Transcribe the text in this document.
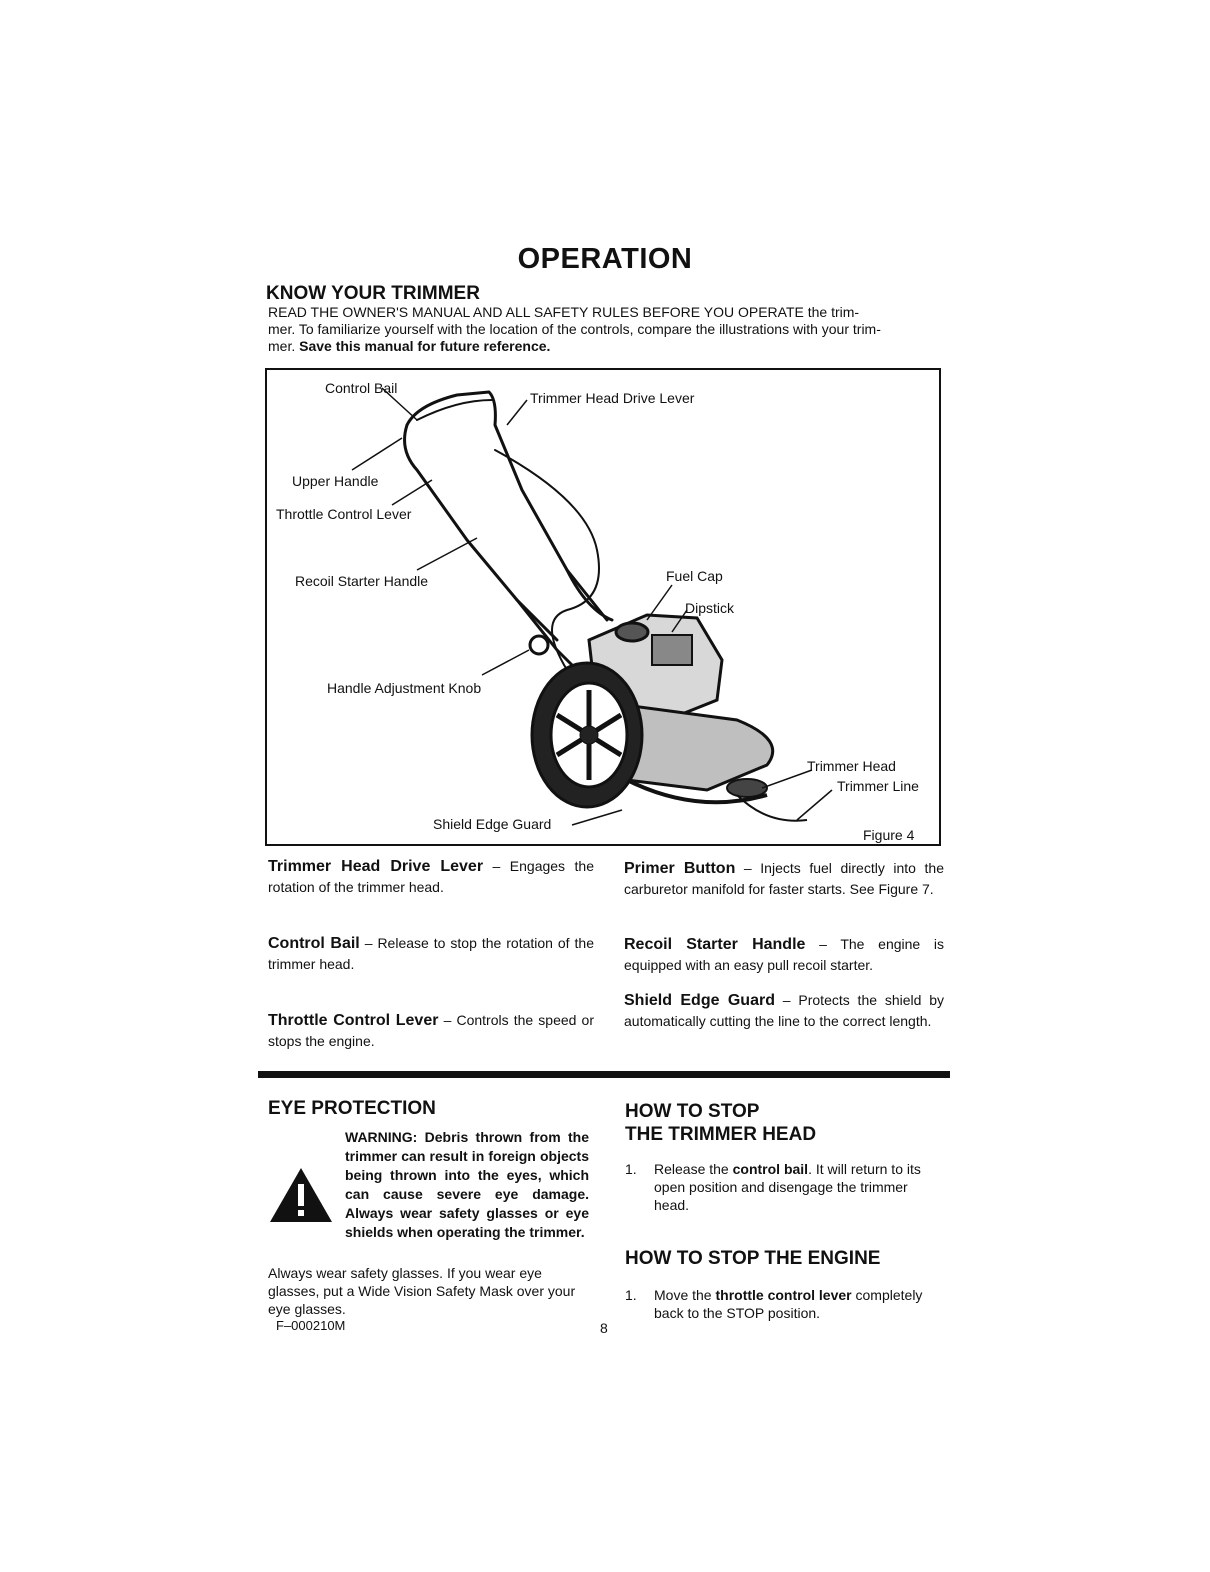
OPERATION
KNOW YOUR TRIMMER
READ THE OWNER'S MANUAL AND ALL SAFETY RULES BEFORE YOU OPERATE the trim-
mer. To familiarize yourself with the location of the controls, compare the illustrations with your trim-
mer. Save this manual for future reference.
Control Bail
Trimmer Head Drive Lever
Upper Handle
Throttle Control Lever
Recoil Starter Handle	Fuel Cap
Dipstick
Handle Adjustment Knob
Trimmer Head
Trimmer Line
Shield Edge Guard
Figure 4
Trimmer Head Drive Lever – Engages the rotation of the trimmer head.
Control Bail – Release to stop the rotation of the trimmer head.
Throttle Control Lever – Controls the speed or stops the engine.
Primer Button – Injects fuel directly into the carburetor manifold for faster starts. See Figure 7.
Recoil Starter Handle – The engine is equipped with an easy pull recoil starter.
Shield Edge Guard – Protects the shield by automatically cutting the line to the correct length.
EYE PROTECTION
WARNING: Debris thrown from the trimmer can result in foreign objects being thrown into the eyes, which can cause severe eye damage. Always wear safety glasses or eye shields when operating the trimmer.
Always wear safety glasses. If you wear eye glasses, put a Wide Vision Safety Mask over your eye glasses.
F–000210M	8
HOW TO STOP
THE TRIMMER HEAD
1. Release the control bail. It will return to its open position and disengage the trimmer head.
HOW TO STOP THE ENGINE
1. Move the throttle control lever completely back to the STOP position.
